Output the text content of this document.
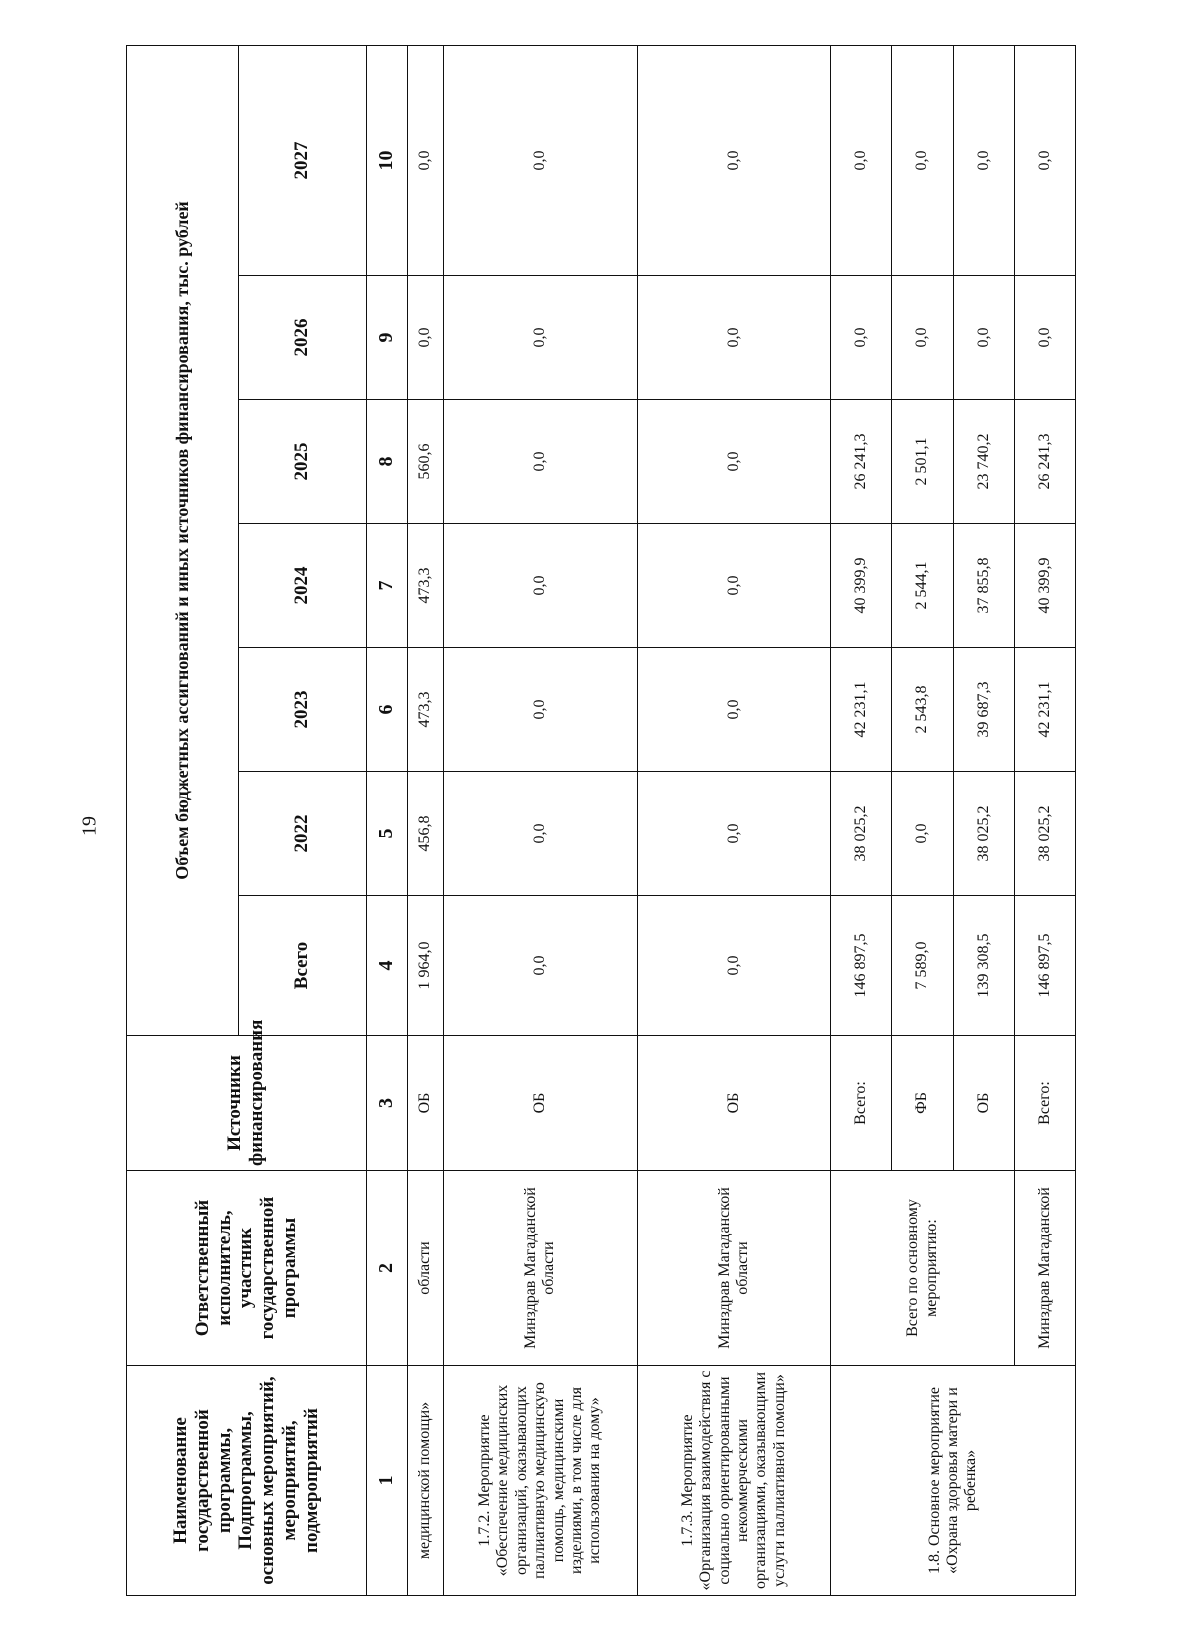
19
Наименование государственной программы, Подпрограммы, основных мероприятий, мероприятий, подмероприятий	Ответственный исполнитель, участник государственной программы	Источники финансирования	Объем бюджетных ассигнований и иных источников финансирования, тыс. рублей						
			Всего	2022	2023	2024	2025	2026	2027
1	2	3	4	5	6	7	8	9	10
медицинской помощи»	области	ОБ	1 964,0	456,8	473,3	473,3	560,6	0,0	0,0
1.7.2. Мероприятие «Обеспечение медицинских организаций, оказывающих паллиативную медицинскую помощь, медицинскими изделиями, в том числе для использования на дому»	Минздрав Магаданской области	ОБ	0,0	0,0	0,0	0,0	0,0	0,0	0,0
1.7.3. Мероприятие «Организация взаимодействия с социально ориентированными некоммерческими организациями, оказывающими услуги паллиативной помощи»	Минздрав Магаданской области	ОБ	0,0	0,0	0,0	0,0	0,0	0,0	0,0
1.8. Основное мероприятие «Охрана здоровья матери и ребенка»	Всего по основному мероприятию:	Всего:	146 897,5	38 025,2	42 231,1	40 399,9	26 241,3	0,0	0,0
		ФБ	7 589,0	0,0	2 543,8	2 544,1	2 501,1	0,0	0,0
		ОБ	139 308,5	38 025,2	39 687,3	37 855,8	23 740,2	0,0	0,0
	Минздрав Магаданской	Всего:	146 897,5	38 025,2	42 231,1	40 399,9	26 241,3	0,0	0,0
